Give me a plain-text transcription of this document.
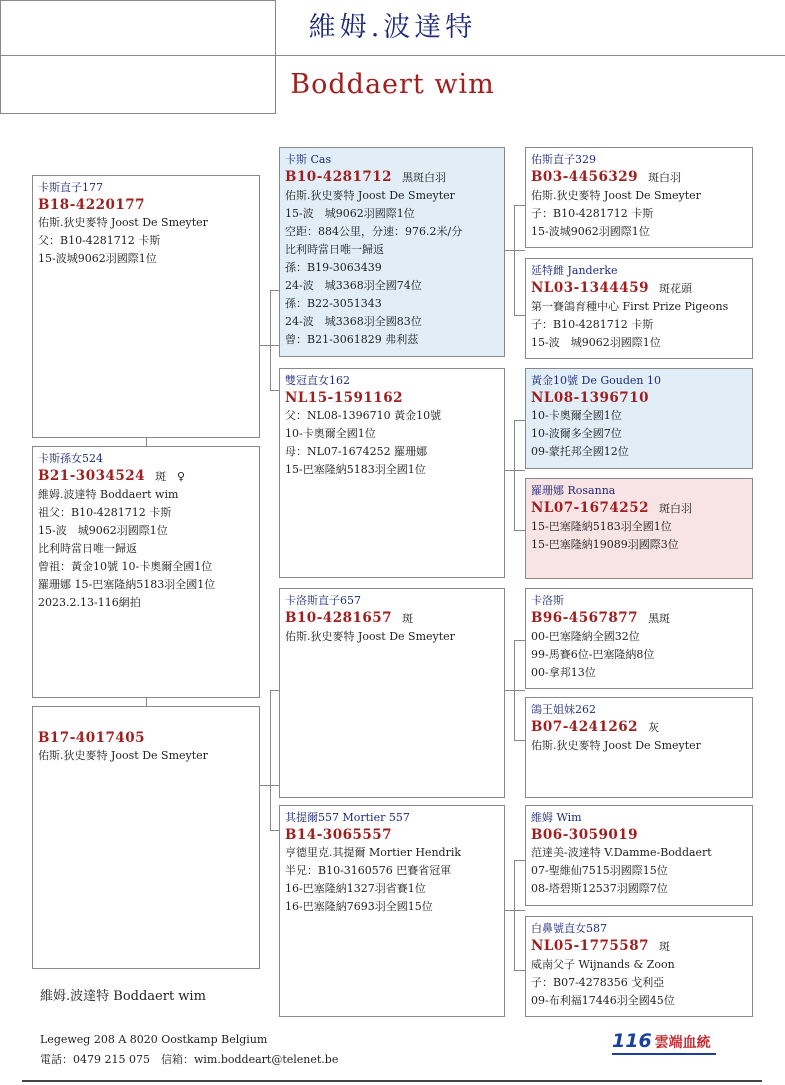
維姆.波達特
Boddaert wim
卡斯直子177
B18-4220177
佑斯.狄史麥特 Joost De Smeyter
父：B10-4281712 卡斯
15-波城9062羽國際1位
卡斯孫女524
B21-3034524 斑　♀
維姆.波達特 Boddaert wim
祖父：B10-4281712 卡斯
15-波　城9062羽國際1位
比利時當日唯一歸返
曾祖：黃金10號 10-卡奧爾全國1位
羅珊娜 15-巴塞隆納5183羽全國1位
2023.2.13-116網拍
B17-4017405
佑斯.狄史麥特 Joost De Smeyter
卡斯 Cas
B10-4281712 黑斑白羽
佑斯.狄史麥特 Joost De Smeyter
15-波　城9062羽國際1位
空距：884公里，分速：976.2米/分
比利時當日唯一歸返
孫：B19-3063439
24-波　城3368羽全國74位
孫：B22-3051343
24-波　城3368羽全國83位
曾：B21-3061829 弗利茲
雙冠直女162
NL15-1591162
父：NL08-1396710 黃金10號
10-卡奧爾全國1位
母：NL07-1674252 羅珊娜
15-巴塞隆納5183羽全國1位
卡洛斯直子657
B10-4281657 斑
佑斯.狄史麥特 Joost De Smeyter
其提爾557 Mortier 557
B14-3065557
亨德里克.其提爾 Mortier Hendrik
半兄：B10-3160576 巴賽省冠軍
16-巴塞隆納1327羽省賽1位
16-巴塞隆納7693羽全國15位
佑斯直子329
B03-4456329 斑白羽
佑斯.狄史麥特 Joost De Smeyter
子：B10-4281712 卡斯
15-波城9062羽國際1位
延特雌 Janderke
NL03-1344459 斑花頭
第一賽鴿育種中心 First Prize Pigeons
子：B10-4281712 卡斯
15-波　城9062羽國際1位
黃金10號 De Gouden 10
NL08-1396710
10-卡奧爾全國1位
10-波爾多全國7位
09-蒙托邦全國12位
羅珊娜 Rosanna
NL07-1674252 斑白羽
15-巴塞隆納5183羽全國1位
15-巴塞隆納19089羽國際3位
卡洛斯
B96-4567877 黑斑
00-巴塞隆納全國32位
99-馬賽6位-巴塞隆納8位
00-拿邦13位
鴿王姐妹262
B07-4241262 灰
佑斯.狄史麥特 Joost De Smeyter
維姆 Wim
B06-3059019
范達美-波達特 V.Damme-Boddaert
07-聖維仙7515羽國際15位
08-塔碧斯12537羽國際7位
白鼻號直女587
NL05-1775587 斑
威南父子 Wijnands & Zoon
子：B07-4278356 戈利亞
09-布利福17446羽全國45位
維姆.波達特 Boddaert wim
Legeweg 208 A 8020 Oostkamp Belgium
電話：0479 215 075　信箱：wim.boddeart@telenet.be
116 雲端血統
